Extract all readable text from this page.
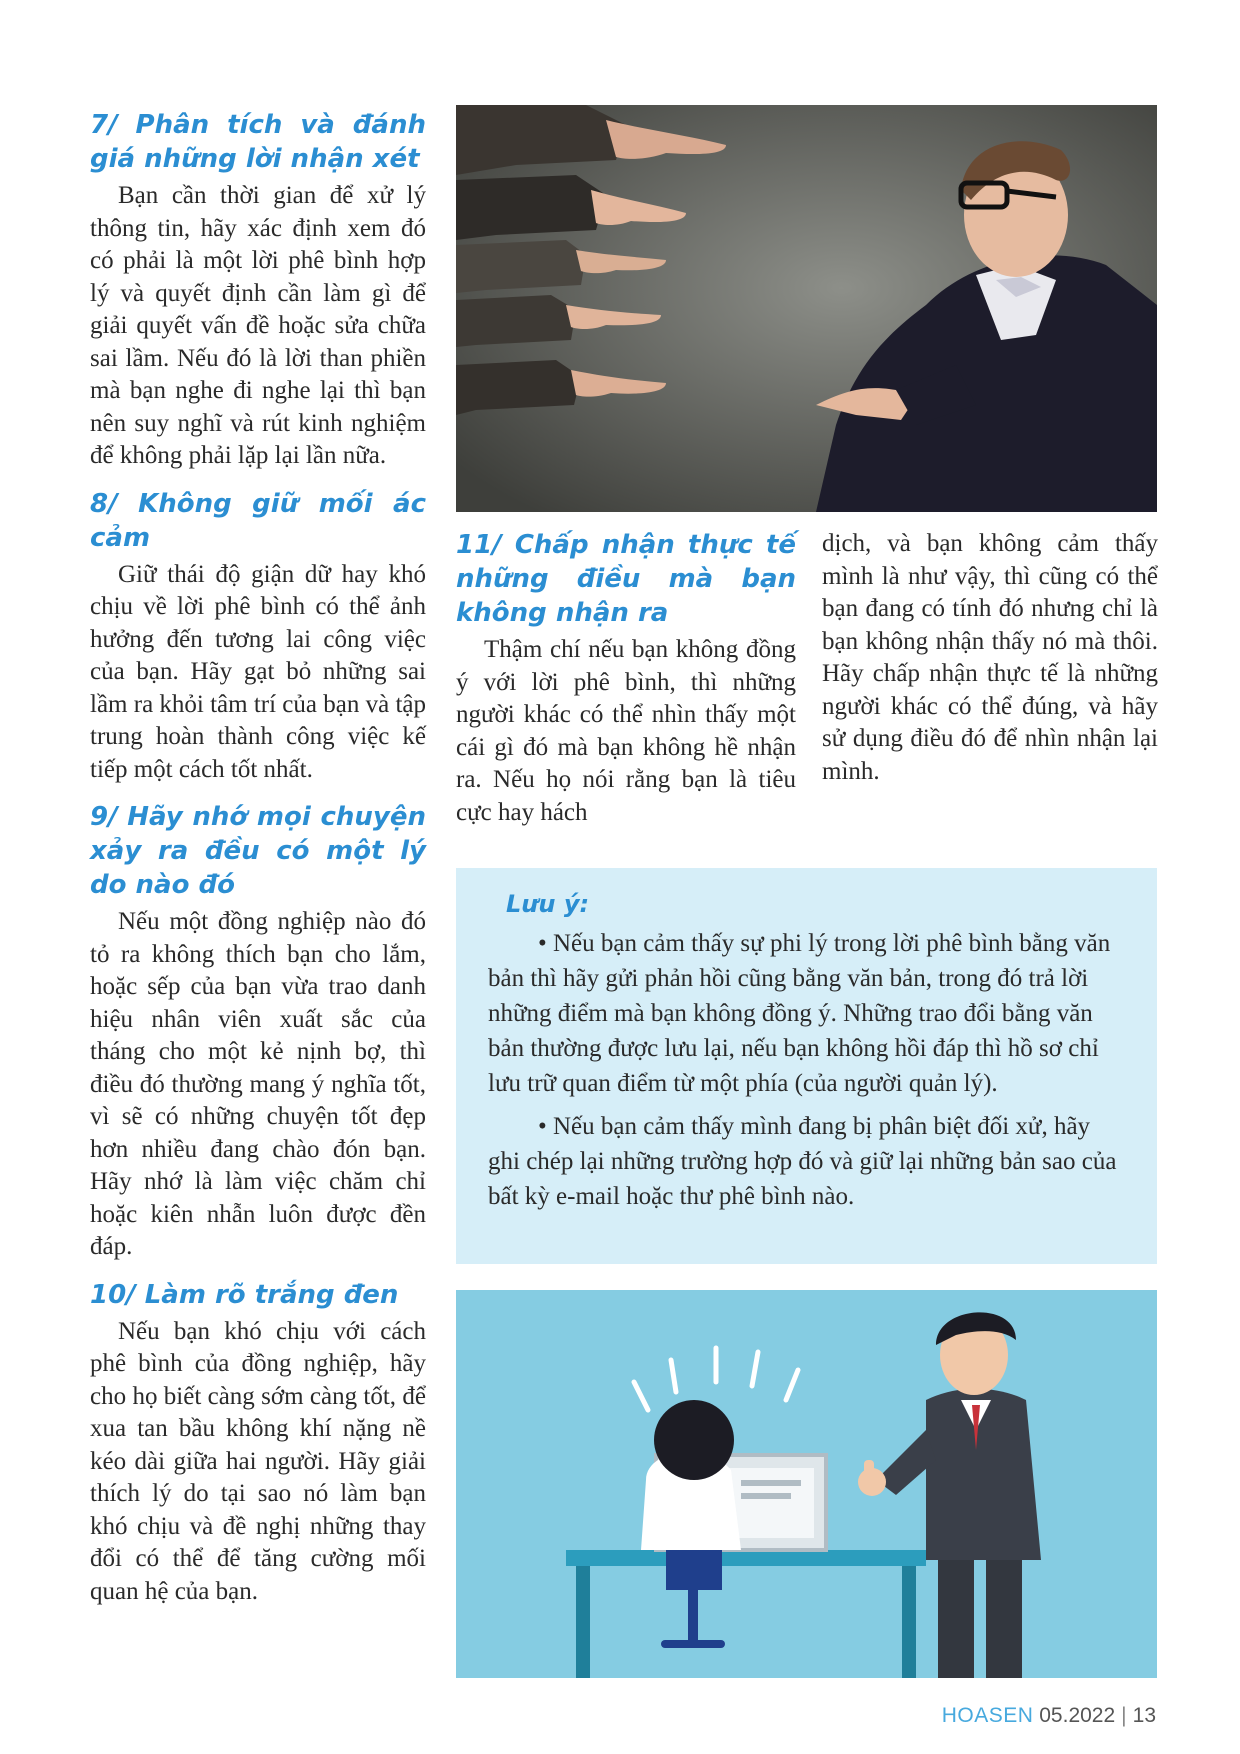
7/ Phân tích và đánh giá những lời nhận xét

Bạn cần thời gian để xử lý thông tin, hãy xác định xem đó có phải là một lời phê bình hợp lý và quyết định cần làm gì để giải quyết vấn đề hoặc sửa chữa sai lầm. Nếu đó là lời than phiền mà bạn nghe đi nghe lại thì bạn nên suy nghĩ và rút kinh nghiệm để không phải lặp lại lần nữa.

8/ Không giữ mối ác cảm

Giữ thái độ giận dữ hay khó chịu về lời phê bình có thể ảnh hưởng đến tương lai công việc của bạn. Hãy gạt bỏ những sai lầm ra khỏi tâm trí của bạn và tập trung hoàn thành công việc kế tiếp một cách tốt nhất.

9/ Hãy nhớ mọi chuyện xảy ra đều có một lý do nào đó

Nếu một đồng nghiệp nào đó tỏ ra không thích bạn cho lắm, hoặc sếp của bạn vừa trao danh hiệu nhân viên xuất sắc của tháng cho một kẻ nịnh bợ, thì điều đó thường mang ý nghĩa tốt, vì sẽ có những chuyện tốt đẹp hơn nhiều đang chào đón bạn. Hãy nhớ là làm việc chăm chỉ hoặc kiên nhẫn luôn được đền đáp.

10/ Làm rõ trắng đen

Nếu bạn khó chịu với cách phê bình của đồng nghiệp, hãy cho họ biết càng sớm càng tốt, để xua tan bầu không khí nặng nề kéo dài giữa hai người. Hãy giải thích lý do tại sao nó làm bạn khó chịu và đề nghị những thay đổi có thể để tăng cường mối quan hệ của bạn.

11/ Chấp nhận thực tế những điều mà bạn
không nhận ra

Thậm chí nếu bạn không đồng ý với lời phê bình, thì những người khác có thể nhìn thấy một cái gì đó mà bạn không hề nhận ra. Nếu họ nói rằng bạn là tiêu cực hay hách

dịch, và bạn không cảm thấy mình là như vậy, thì cũng có thể bạn đang có tính đó nhưng chỉ là bạn không nhận thấy nó mà thôi. Hãy chấp nhận thực tế là những người khác có thể đúng, và hãy sử dụng điều đó để nhìn nhận lại mình.

Lưu ý:

• Nếu bạn cảm thấy sự phi lý trong lời phê bình bằng văn bản thì hãy gửi phản hồi cũng bằng văn bản, trong đó trả lời những điểm mà bạn không đồng ý. Những trao đổi bằng văn bản thường được lưu lại, nếu bạn không hồi đáp thì hồ sơ chỉ lưu trữ quan điểm từ một phía (của người quản lý).

• Nếu bạn cảm thấy mình đang bị phân biệt đối xử, hãy ghi chép lại những trường hợp đó và giữ lại những bản sao của bất kỳ e-mail hoặc thư phê bình nào.

HOASEN 05.2022 | 13
